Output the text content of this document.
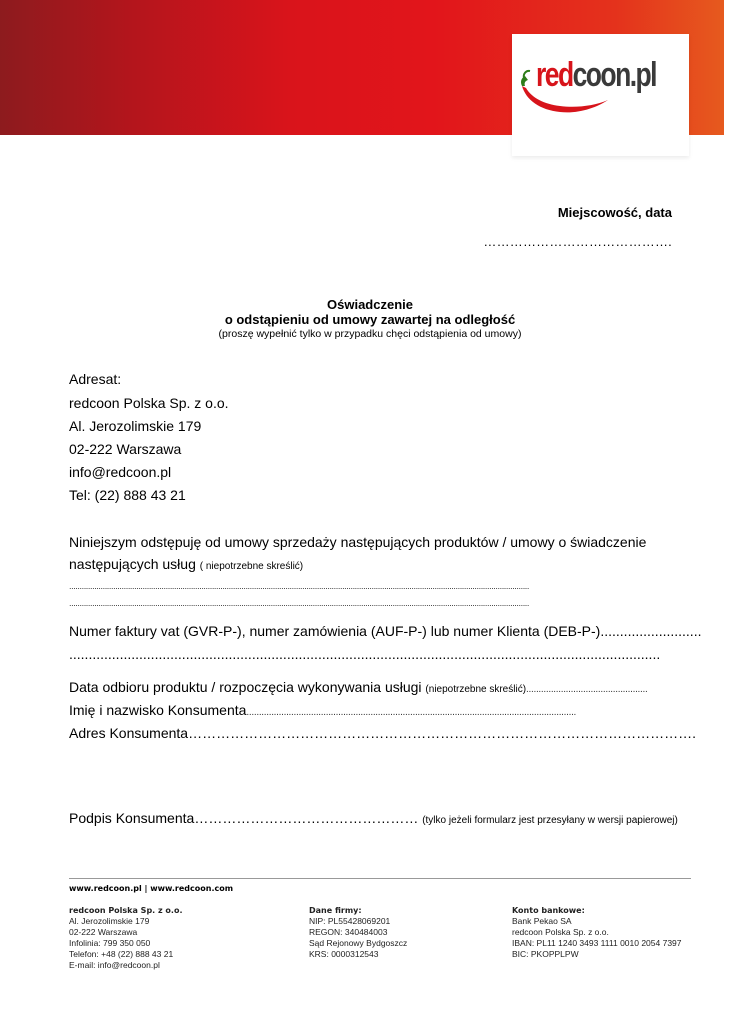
redcoon.pl
Miejscowość, data
…………………………………….
Oświadczenie
o odstąpieniu od umowy zawartej na odległość
(proszę wypełnić tylko w przypadku chęci odstąpienia od umowy)
Adresat:
redcoon Polska Sp. z o.o.
Al. Jerozolimskie 179
02-222 Warszawa
info@redcoon.pl
Tel: (22) 888 43 21
Niniejszym odstępuję od umowy sprzedaży następujących produktów / umowy o świadczenie
następujących usług ( niepotrzebne skreślić)
...........................................................................................................................................................................................................................
...........................................................................................................................................................................................................................
Numer faktury vat (GVR-P-), numer zamówienia (AUF-P-) lub numer Klienta (DEB-P-)..........................
........................................................................................................................................................
Data odbioru produktu / rozpoczęcia wykonywania usługi (niepotrzebne skreślić).................................................
Imię i nazwisko Konsumenta.....................................................................................................................................
Adres Konsumenta……………………………………………………………………………………………….
Podpis Konsumenta………………………………………… (tylko jeżeli formularz jest przesyłany w wersji papierowej)
www.redcoon.pl | www.redcoon.com
redcoon Polska Sp. z o.o.
Al. Jerozolimskie 179
02-222 Warszawa
Infolinia: 799 350 050
Telefon: +48 (22) 888 43 21
E-mail: info@redcoon.pl
Dane firmy:
NIP: PL55428069201
REGON: 340484003
Sąd Rejonowy Bydgoszcz
KRS: 0000312543
Konto bankowe:
Bank Pekao SA
redcoon Polska Sp. z o.o.
IBAN: PL11 1240 3493 1111 0010 2054 7397
BIC: PKOPPLPW
